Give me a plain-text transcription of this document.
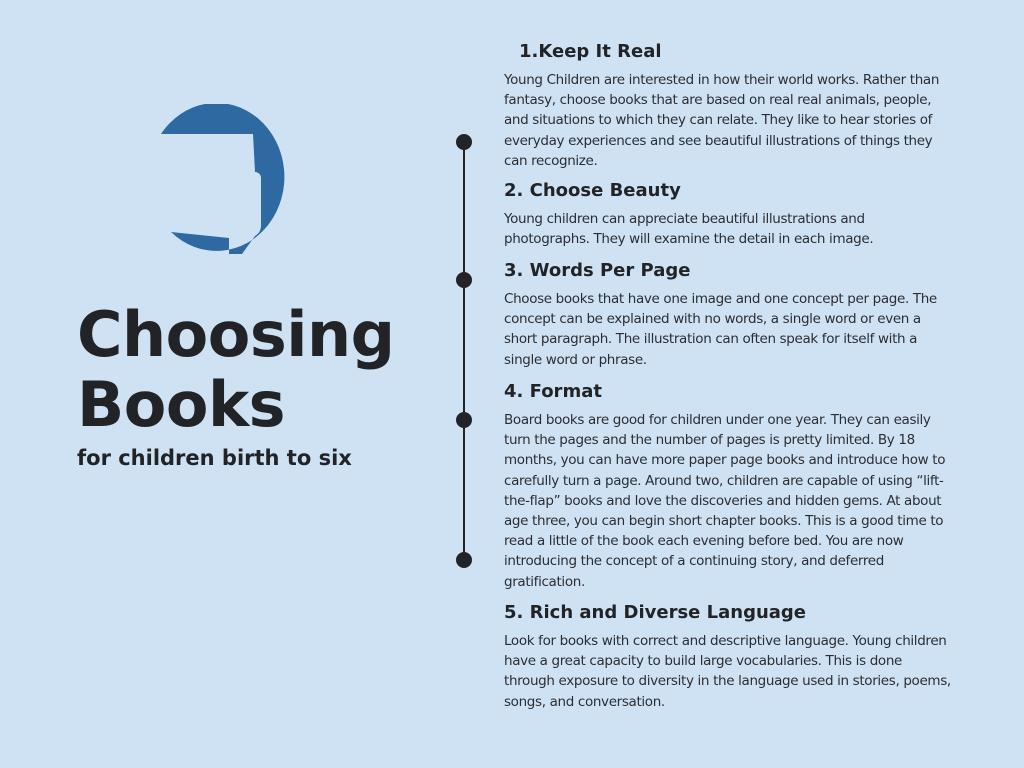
Choosing
Books
for children birth to six
1.Keep It Real
Young Children are interested in how their world works. Rather than fantasy, choose books that are based on real real animals, people, and situations to which they can relate. They like to hear stories of everyday experiences and see beautiful illustrations of things they can recognize.
2. Choose Beauty
Young children can appreciate beautiful illustrations and photographs. They will examine the detail in each image.
3. Words Per Page
Choose books that have one image and one concept per page. The concept can be explained with no words, a single word or even a short paragraph. The illustration can often speak for itself with a single word or phrase.
4. Format
Board books are good for children under one year. They can easily turn the pages and the number of pages is pretty limited. By 18 months, you can have more paper page books and introduce how to carefully turn a page. Around two, children are capable of using “lift-the-flap” books and love the discoveries and hidden gems. At about age three, you can begin short chapter books. This is a good time to read a little of the book each evening before bed. You are now introducing the concept of a continuing story, and deferred gratification.
5. Rich and Diverse Language
Look for books with correct and descriptive language. Young children have a great capacity to build large vocabularies. This is done through exposure to diversity in the language used in stories, poems, songs, and conversation.
